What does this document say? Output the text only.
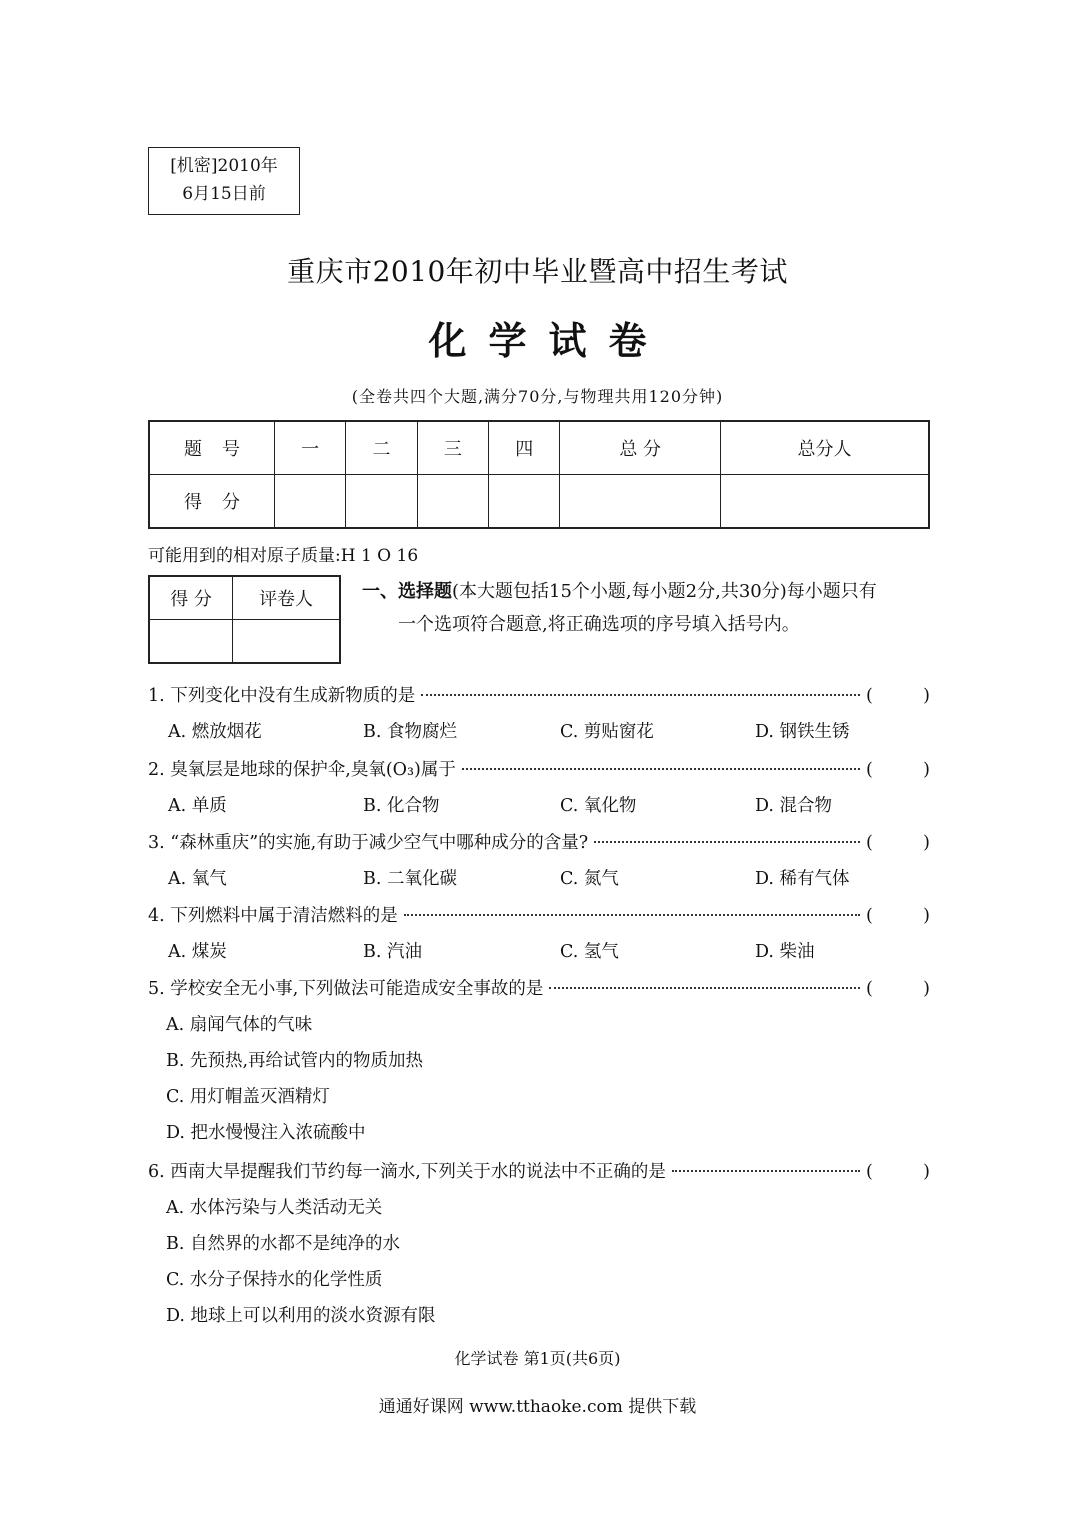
[机密]2010年
6月15日前
重庆市2010年初中毕业暨高中招生考试
化学试卷
(全卷共四个大题,满分70分,与物理共用120分钟)
题号	一	二	三	四	总 分	总分人
得分						
可能用到的相对原子质量:H 1 O 16
得 分	评卷人
		一、选择题(本大题包括15个小题,每小题2分,共30分)每小题只有
一个选项符合题意,将正确选项的序号填入括号内。
1. 下列变化中没有生成新物质的是	(	)
A. 燃放烟花	B. 食物腐烂	C. 剪贴窗花	D. 钢铁生锈
2. 臭氧层是地球的保护伞,臭氧(O₃)属于	(	)
A. 单质	B. 化合物	C. 氧化物	D. 混合物
3. “森林重庆”的实施,有助于减少空气中哪种成分的含量?	(	)
A. 氧气	B. 二氧化碳	C. 氮气	D. 稀有气体
4. 下列燃料中属于清洁燃料的是	(	)
A. 煤炭	B. 汽油	C. 氢气	D. 柴油
5. 学校安全无小事,下列做法可能造成安全事故的是	(	)
A. 扇闻气体的气味
B. 先预热,再给试管内的物质加热
C. 用灯帽盖灭酒精灯
D. 把水慢慢注入浓硫酸中
6. 西南大旱提醒我们节约每一滴水,下列关于水的说法中不正确的是	(	)
A. 水体污染与人类活动无关
B. 自然界的水都不是纯净的水
C. 水分子保持水的化学性质
D. 地球上可以利用的淡水资源有限
化学试卷 第1页(共6页)
通通好课网 www.tthaoke.com 提供下载
